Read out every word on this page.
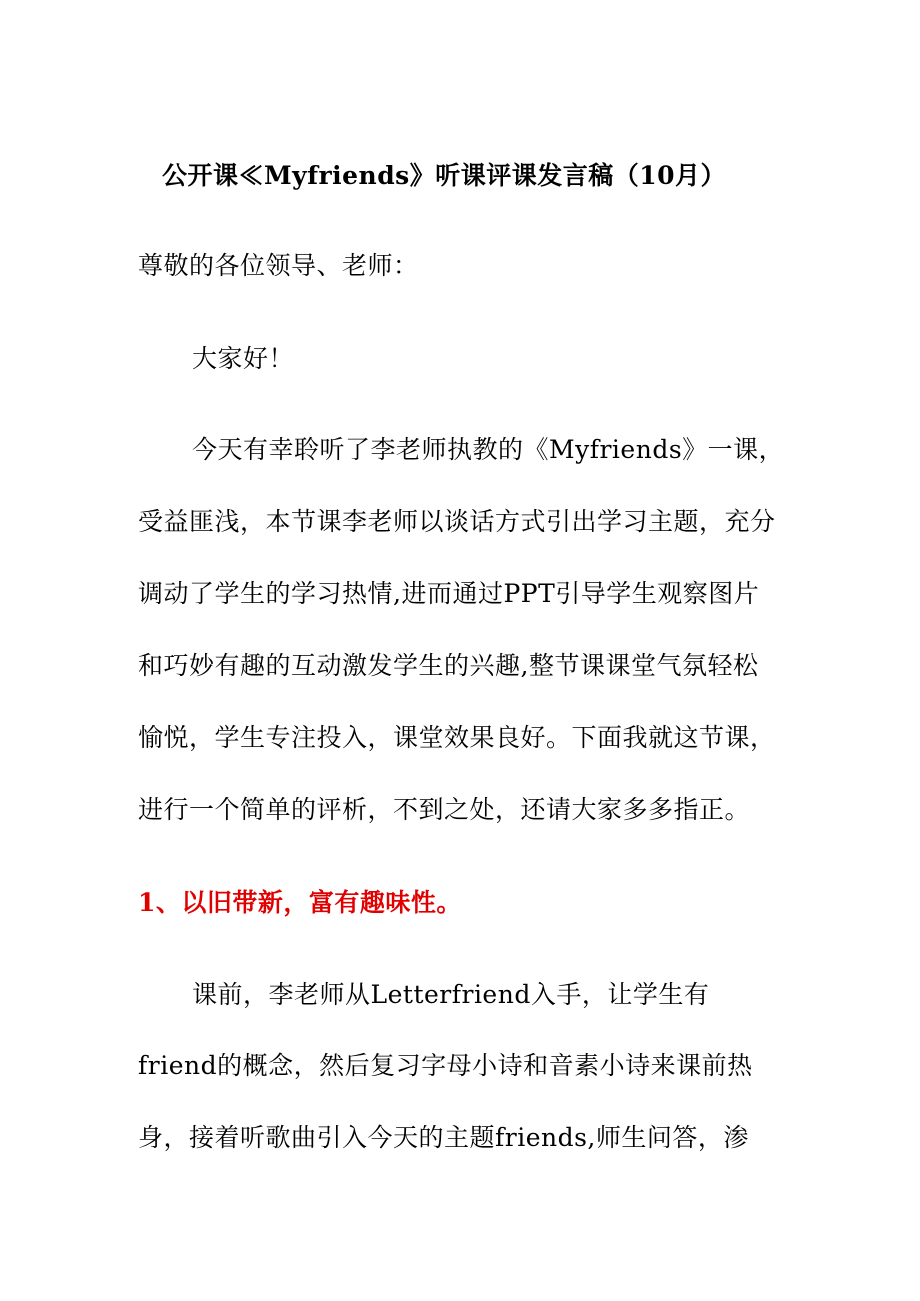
公开课≪Myfriends》听课评课发言稿（10月）
尊敬的各位领导、老师：
大家好！
今天有幸聆听了李老师执教的《Myfriends》一课，
受益匪浅，本节课李老师以谈话方式引出学习主题，充分
调动了学生的学习热情,进而通过PPT引导学生观察图片
和巧妙有趣的互动激发学生的兴趣,整节课课堂气氛轻松
愉悦，学生专注投入，课堂效果良好。下面我就这节课，
进行一个简单的评析，不到之处，还请大家多多指正。
1、以旧带新，富有趣味性。
课前，李老师从Letterfriend入手，让学生有
friend的概念，然后复习字母小诗和音素小诗来课前热
身，接着听歌曲引入今天的主题friends,师生问答，渗
